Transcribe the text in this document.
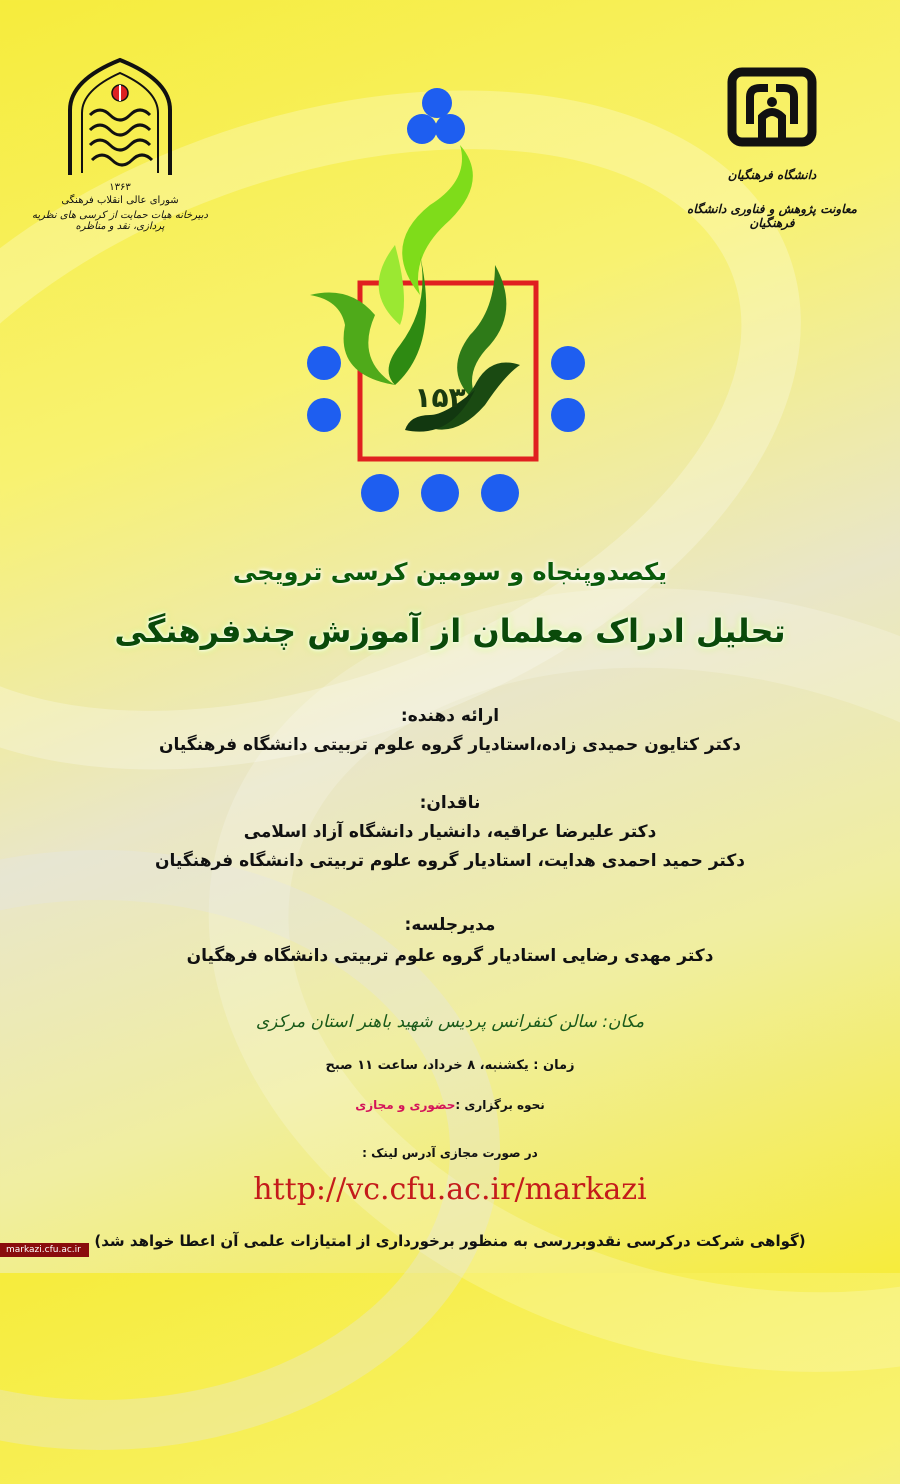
۱۳۶۳
شورای عالی انقلاب فرهنگی
دبیرخانه هیات حمایت از کرسی های نظریه پردازی، نقد و مناظره
دانشگاه فرهنگیان
معاونت پژوهش و فناوری دانشگاه فرهنگیان
۱۵۳
یکصدوپنجاه و سومین کرسی ترویجی
تحلیل ادراک معلمان از آموزش چندفرهنگی
ارائه دهنده:
دکتر کتایون حمیدی زاده،استادیار گروه علوم تربیتی دانشگاه فرهنگیان
ناقدان:
دکتر علیرضا عراقیه، دانشیار دانشگاه آزاد اسلامی
دکتر حمید احمدی هدایت، استادیار گروه علوم تربیتی دانشگاه فرهنگیان
مدیرجلسه:
دکتر مهدی رضایی استادیار گروه علوم تربیتی دانشگاه فرهگیان
مکان: سالن کنفرانس پردیس شهید باهنر استان مرکزی
زمان : یکشنبه، ۸ خرداد، ساعت ۱۱ صبح
نحوه برگزاری :حضوری و مجازی
در صورت مجازی آدرس لینک :
http://vc.cfu.ac.ir/markazi
(گواهی شرکت درکرسی نقدوبررسی به منظور برخورداری از امتیازات علمی آن اعطا خواهد شد)
markazi.cfu.ac.ir
